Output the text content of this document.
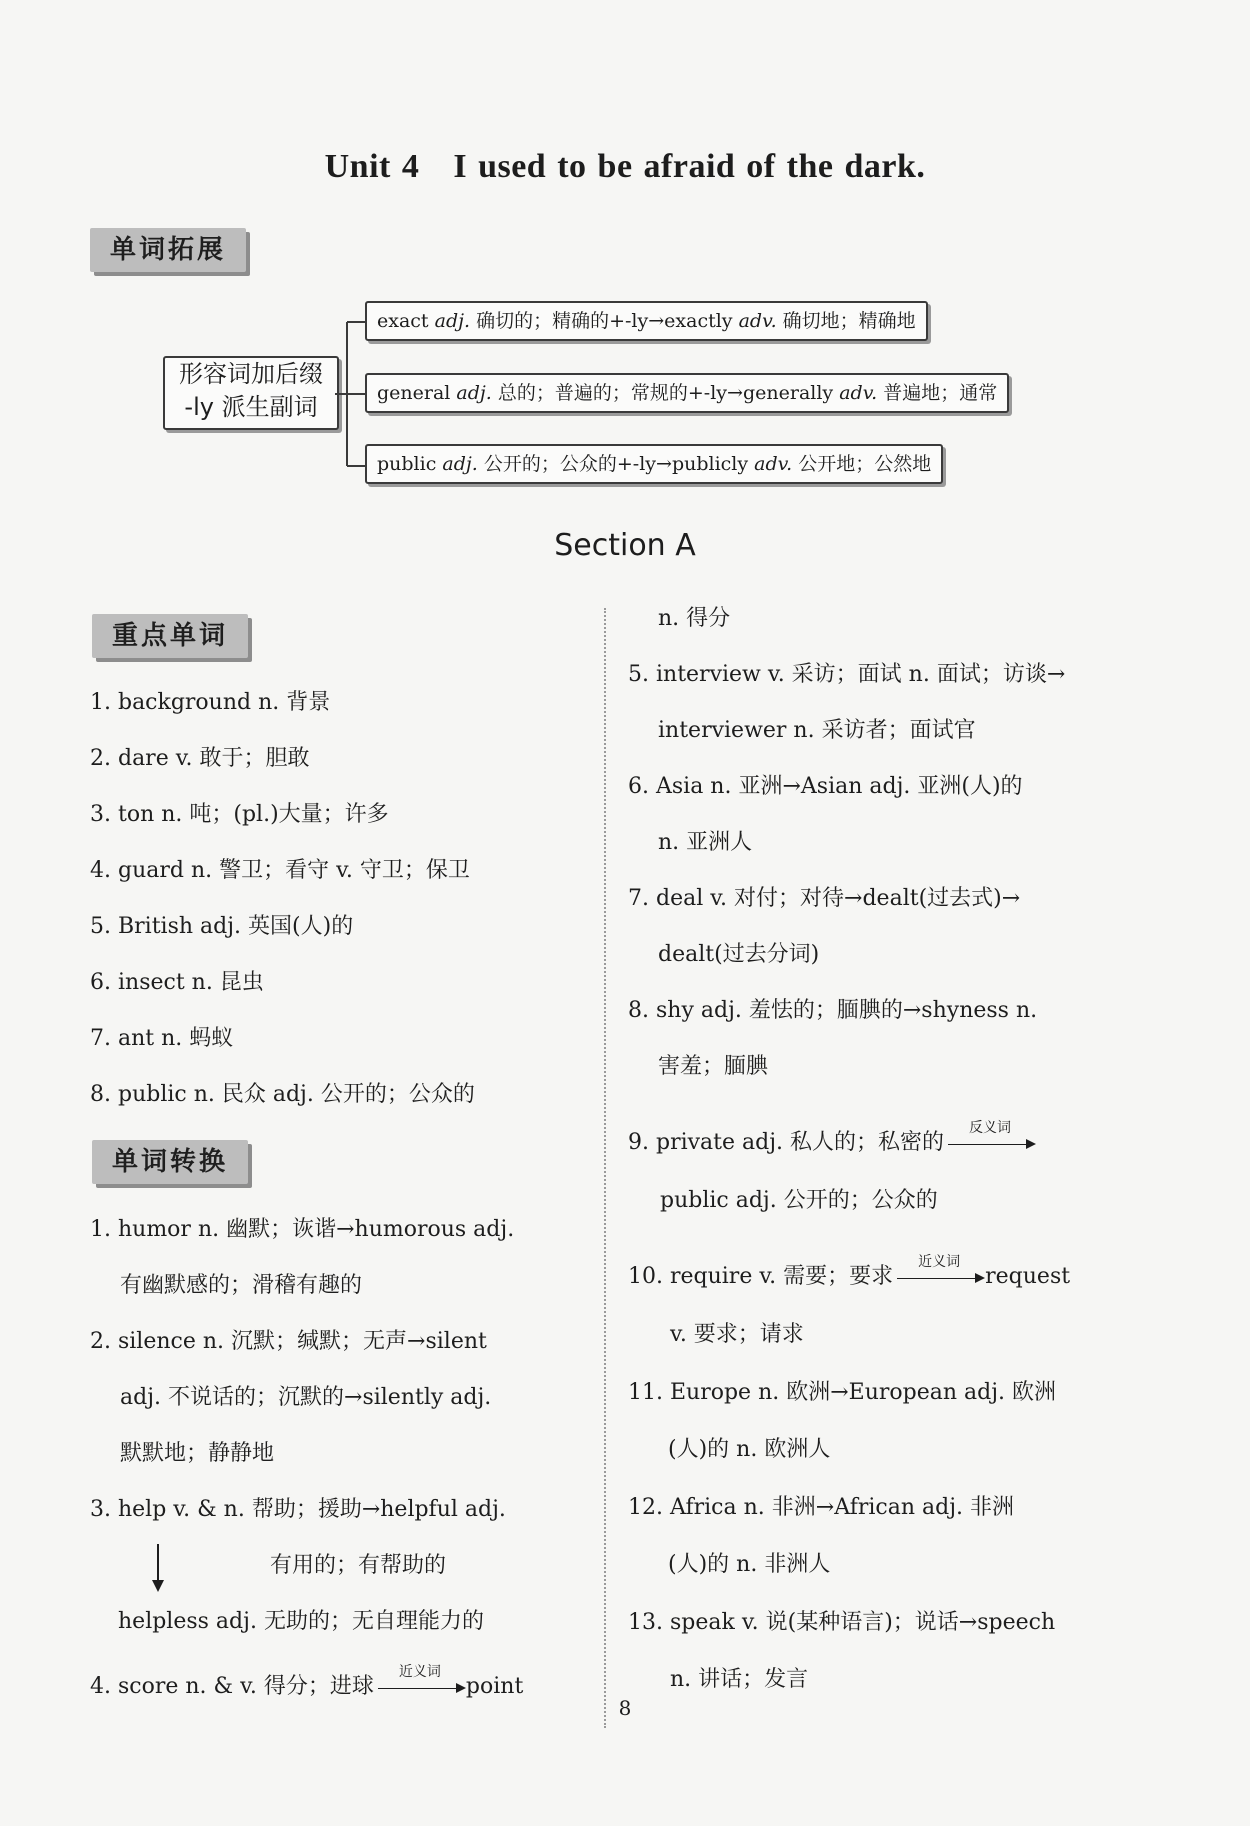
Unit 4 I used to be afraid of the dark.
单词拓展
形容词加后缀
-ly 派生副词
exact adj. 确切的；精确的+-ly→exactly adv. 确切地；精确地
general adj. 总的；普遍的；常规的+-ly→generally adv. 普遍地；通常
public adj. 公开的；公众的+-ly→publicly adv. 公开地；公然地
Section A
重点单词
1. background n. 背景
2. dare v. 敢于；胆敢
3. ton n. 吨；(pl.)大量；许多
4. guard n. 警卫；看守 v. 守卫；保卫
5. British adj. 英国(人)的
6. insect n. 昆虫
7. ant n. 蚂蚁
8. public n. 民众 adj. 公开的；公众的
单词转换
1. humor n. 幽默；诙谐→humorous adj.
有幽默感的；滑稽有趣的
2. silence n. 沉默；缄默；无声→silent
adj. 不说话的；沉默的→silently adj.
默默地；静静地
3. help v. & n. 帮助；援助→helpful adj.
有用的；有帮助的
helpless adj. 无助的；无自理能力的
4. score n. & v. 得分；进球
近义词
point
n. 得分
5. interview v. 采访；面试 n. 面试；访谈→
interviewer n. 采访者；面试官
6. Asia n. 亚洲→Asian adj. 亚洲(人)的
n. 亚洲人
7. deal v. 对付；对待→dealt(过去式)→
dealt(过去分词)
8. shy adj. 羞怯的；腼腆的→shyness n.
害羞；腼腆
9. private adj. 私人的；私密的
反义词
public adj. 公开的；公众的
10. require v. 需要；要求
近义词
request
v. 要求；请求
11. Europe n. 欧洲→European adj. 欧洲
(人)的 n. 欧洲人
12. Africa n. 非洲→African adj. 非洲
(人)的 n. 非洲人
13. speak v. 说(某种语言)；说话→speech
n. 讲话；发言
8
